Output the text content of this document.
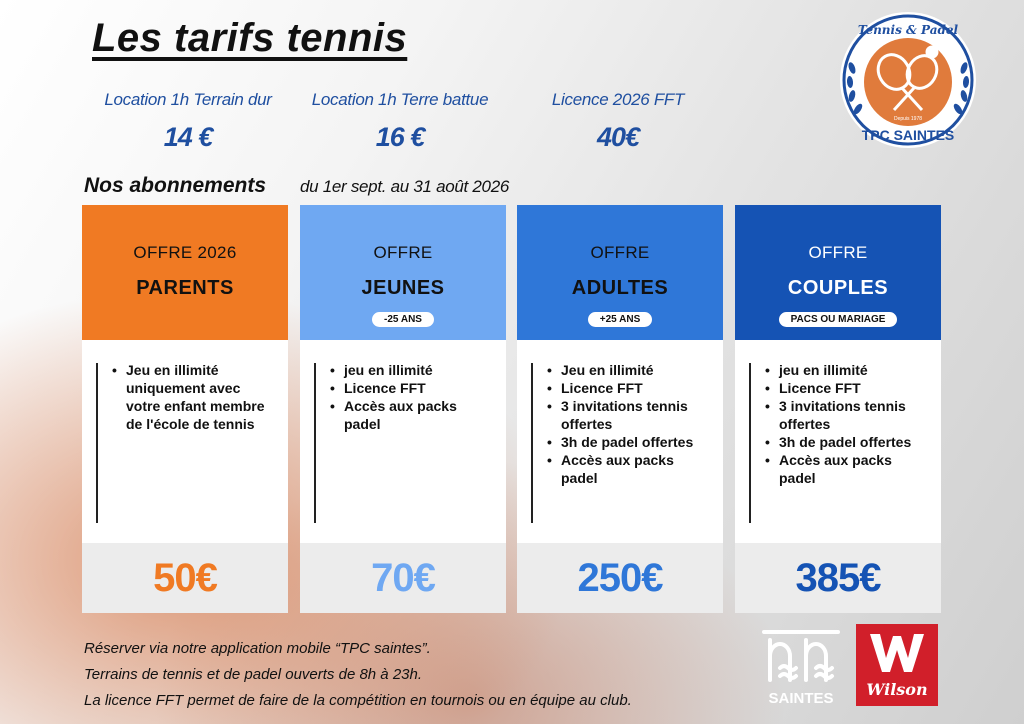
Les tarifs tennis
Location 1h Terrain dur
14 €
Location 1h Terre battue
16 €
Licence 2026 FFT
40€
Depuis 1978
Tennis & Padel
TPC SAINTES
Nos abonnements du 1er sept. au 31 août 2026
OFFRE 2026
PARENTS
• Jeu en illimité uniquement avec votre enfant membre de l'école de tennis
50€
OFFRE
JEUNES
-25 ANS
• jeu en illimité
• Licence FFT
• Accès aux packs padel
70€
OFFRE
ADULTES
+25 ANS
• Jeu en illimité
• Licence FFT
• 3 invitations tennis offertes
• 3h de padel offertes
• Accès aux packs padel
250€
OFFRE
COUPLES
PACS OU MARIAGE
• jeu en illimité
• Licence FFT
• 3 invitations tennis offertes
• 3h de padel offertes
• Accès aux packs padel
385€
Réserver via notre application mobile “TPC saintes”.
Terrains de tennis et de padel ouverts de 8h à 23h.
La licence FFT permet de faire de la compétition en tournois ou en équipe au club.	SAINTES	Wilson
